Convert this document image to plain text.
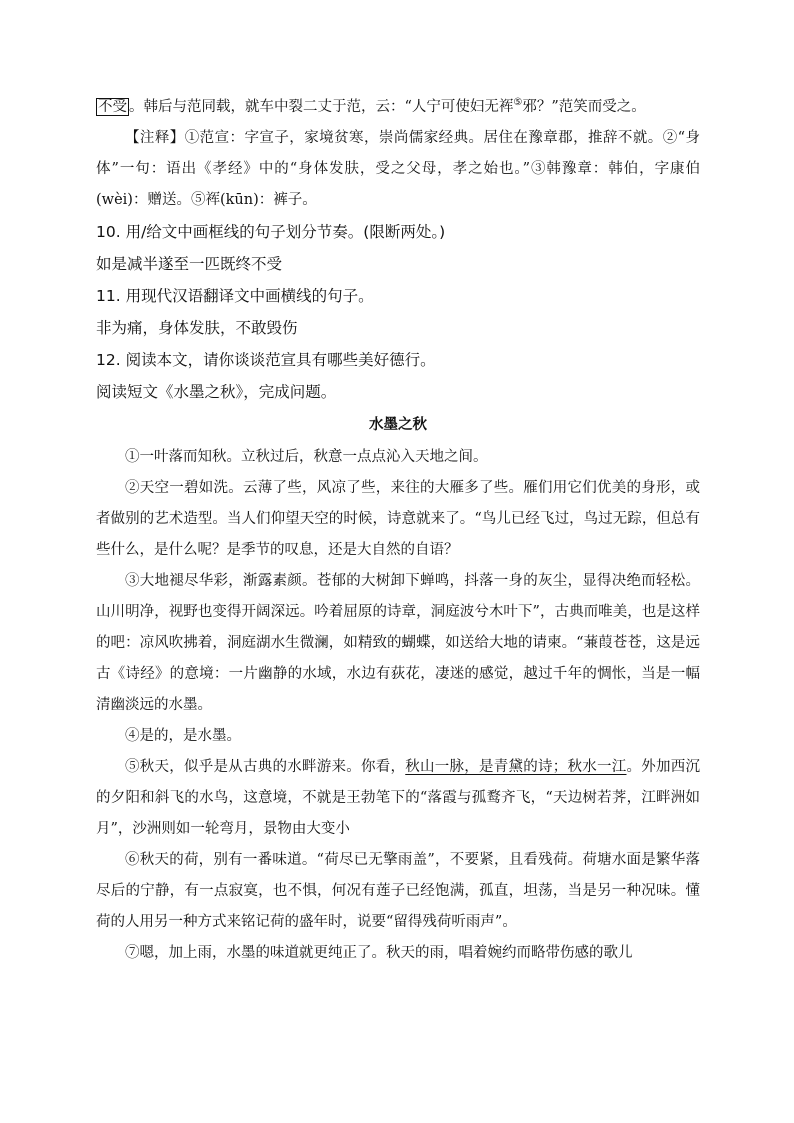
不受 。韩后与范同载，就车中裂二丈于范，云：“人宁可使妇无裈⑤邪？”范笑而受之。

【注释】①范宣：字宣子，家境贫寒，崇尚儒家经典。居住在豫章郡，推辞不就。②“身体”一句：语出《孝经》中的“身体发肤，受之父母，孝之始也。”③韩豫章：韩伯，字康伯(wèi)：赠送。⑤裈(kūn)：裤子。

10. 用/给文中画框线的句子划分节奏。(限断两处。)

如是减半遂至一匹既终不受

11. 用现代汉语翻译文中画横线的句子。

非为痛，身体发肤，不敢毁伤

12. 阅读本文，请你谈谈范宣具有哪些美好德行。

阅读短文《水墨之秋》，完成问题。

水墨之秋

①一叶落而知秋。立秋过后，秋意一点点沁入天地之间。

②天空一碧如洗。云薄了些，风凉了些，来往的大雁多了些。雁们用它们优美的身形，或者做别的艺术造型。当人们仰望天空的时候，诗意就来了。“鸟儿已经飞过，鸟过无踪，但总有些什么，是什么呢？是季节的叹息，还是大自然的自语？

③大地褪尽华彩，渐露素颜。苍郁的大树卸下蝉鸣，抖落一身的灰尘，显得决绝而轻松。山川明净，视野也变得开阔深远。吟着屈原的诗章，洞庭波兮木叶下”，古典而唯美，也是这样的吧：凉风吹拂着，洞庭湖水生微澜，如精致的蝴蝶，如送给大地的请柬。“蒹葭苍苍，这是远古《诗经》的意境：一片幽静的水域，水边有荻花，凄迷的感觉，越过千年的惆怅，当是一幅清幽淡远的水墨。

④是的，是水墨。

⑤秋天，似乎是从古典的水畔游来。你看，秋山一脉，是青黛的诗；秋水一江。外加西沉的夕阳和斜飞的水鸟，这意境，不就是王勃笔下的“落霞与孤鹜齐飞，“天边树若荠，江畔洲如月”，沙洲则如一轮弯月，景物由大变小

⑥秋天的荷，别有一番味道。“荷尽已无擎雨盖”，不要紧，且看残荷。荷塘水面是繁华落尽后的宁静，有一点寂寞，也不惧，何况有莲子已经饱满，孤直，坦荡，当是另一种况味。懂荷的人用另一种方式来铭记荷的盛年时，说要“留得残荷听雨声”。

⑦嗯，加上雨，水墨的味道就更纯正了。秋天的雨，唱着婉约而略带伤感的歌儿
